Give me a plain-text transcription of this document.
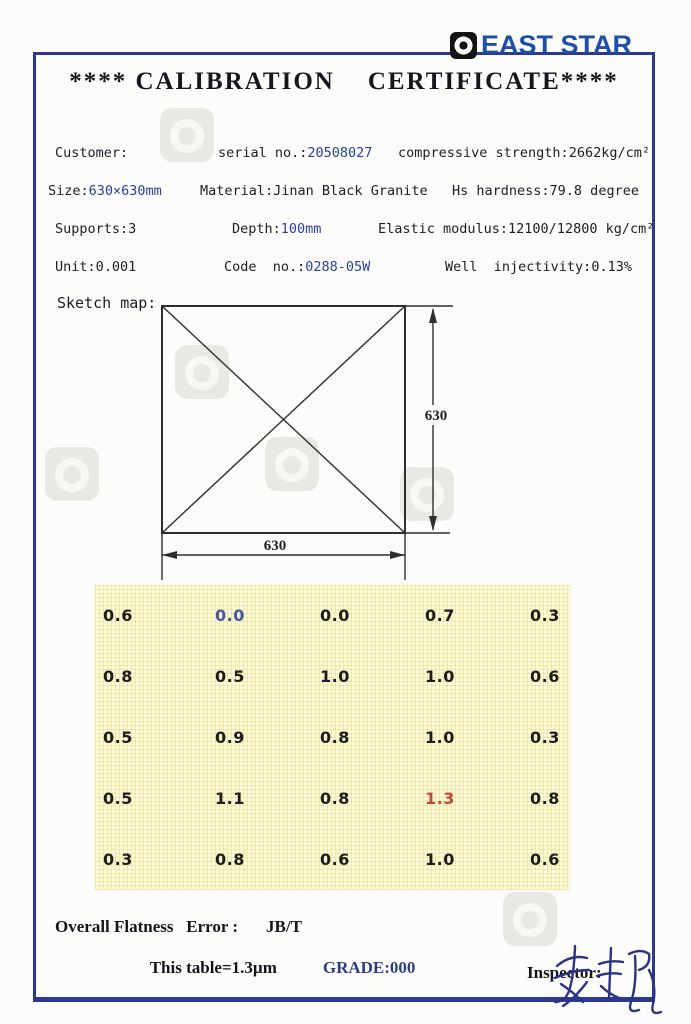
EAST STAR
**** CALIBRATION    CERTIFICATE****
Customer:	serial no.:20508027 compressive strength:2662kg/cm²
Size:630×630mm	Material:Jinan Black Granite Hs hardness:79.8 degree
Supports:3	Depth:100mm	Elastic modulus:12100/12800 kg/cm²
Unit:0.001	Code  no.:0288-05W	Well  injectivity:0.13%
Sketch map:
630
630
0.6	0.0	0.0	0.7	0.3
0.8	0.5	1.0	1.0	0.6
0.5	0.9	0.8	1.0	0.3
0.5	1.1	0.8	1.3	0.8
0.3	0.8	0.6	1.0	0.6

Overall Flatness   Error : JB/T

This table=1.3µm	GRADE:000
	Inspector:
